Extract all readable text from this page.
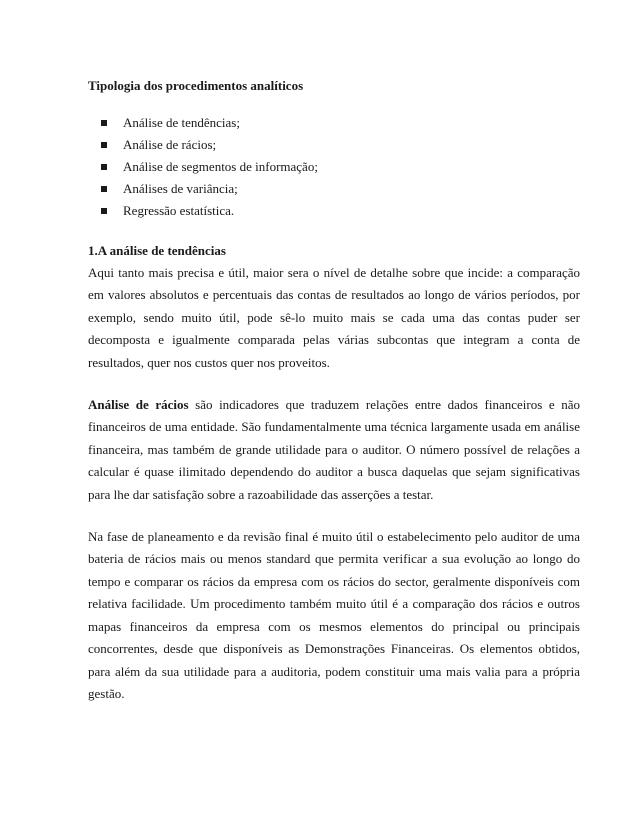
Tipologia dos procedimentos analíticos

Análise de tendências;
Análise de rácios;
Análise de segmentos de informação;
Análises de variância;
Regressão estatística.

1.A análise de tendências

Aqui tanto mais precisa e útil, maior sera o nível de detalhe sobre que incide: a comparação em valores absolutos e percentuais das contas de resultados ao longo de vários períodos, por exemplo, sendo muito útil, pode sê-lo muito mais se cada uma das contas puder ser decomposta e igualmente comparada pelas várias subcontas que integram a conta de resultados, quer nos custos quer nos proveitos.

Análise de rácios são indicadores que traduzem relações entre dados financeiros e não financeiros de uma entidade. São fundamentalmente uma técnica largamente usada em análise financeira, mas também de grande utilidade para o auditor. O número possível de relações a calcular é quase ilimitado dependendo do auditor a busca daquelas que sejam significativas para lhe dar satisfação sobre a razoabilidade das asserções a testar.

Na fase de planeamento e da revisão final é muito útil o estabelecimento pelo auditor de uma bateria de rácios mais ou menos standard que permita verificar a sua evolução ao longo do tempo e comparar os rácios da empresa com os rácios do sector, geralmente disponíveis com relativa facilidade. Um procedimento também muito útil é a comparação dos rácios e outros mapas financeiros da empresa com os mesmos elementos do principal ou principais concorrentes, desde que disponíveis as Demonstrações Financeiras. Os elementos obtidos, para além da sua utilidade para a auditoria, podem constituir uma mais valia para a própria gestão.
